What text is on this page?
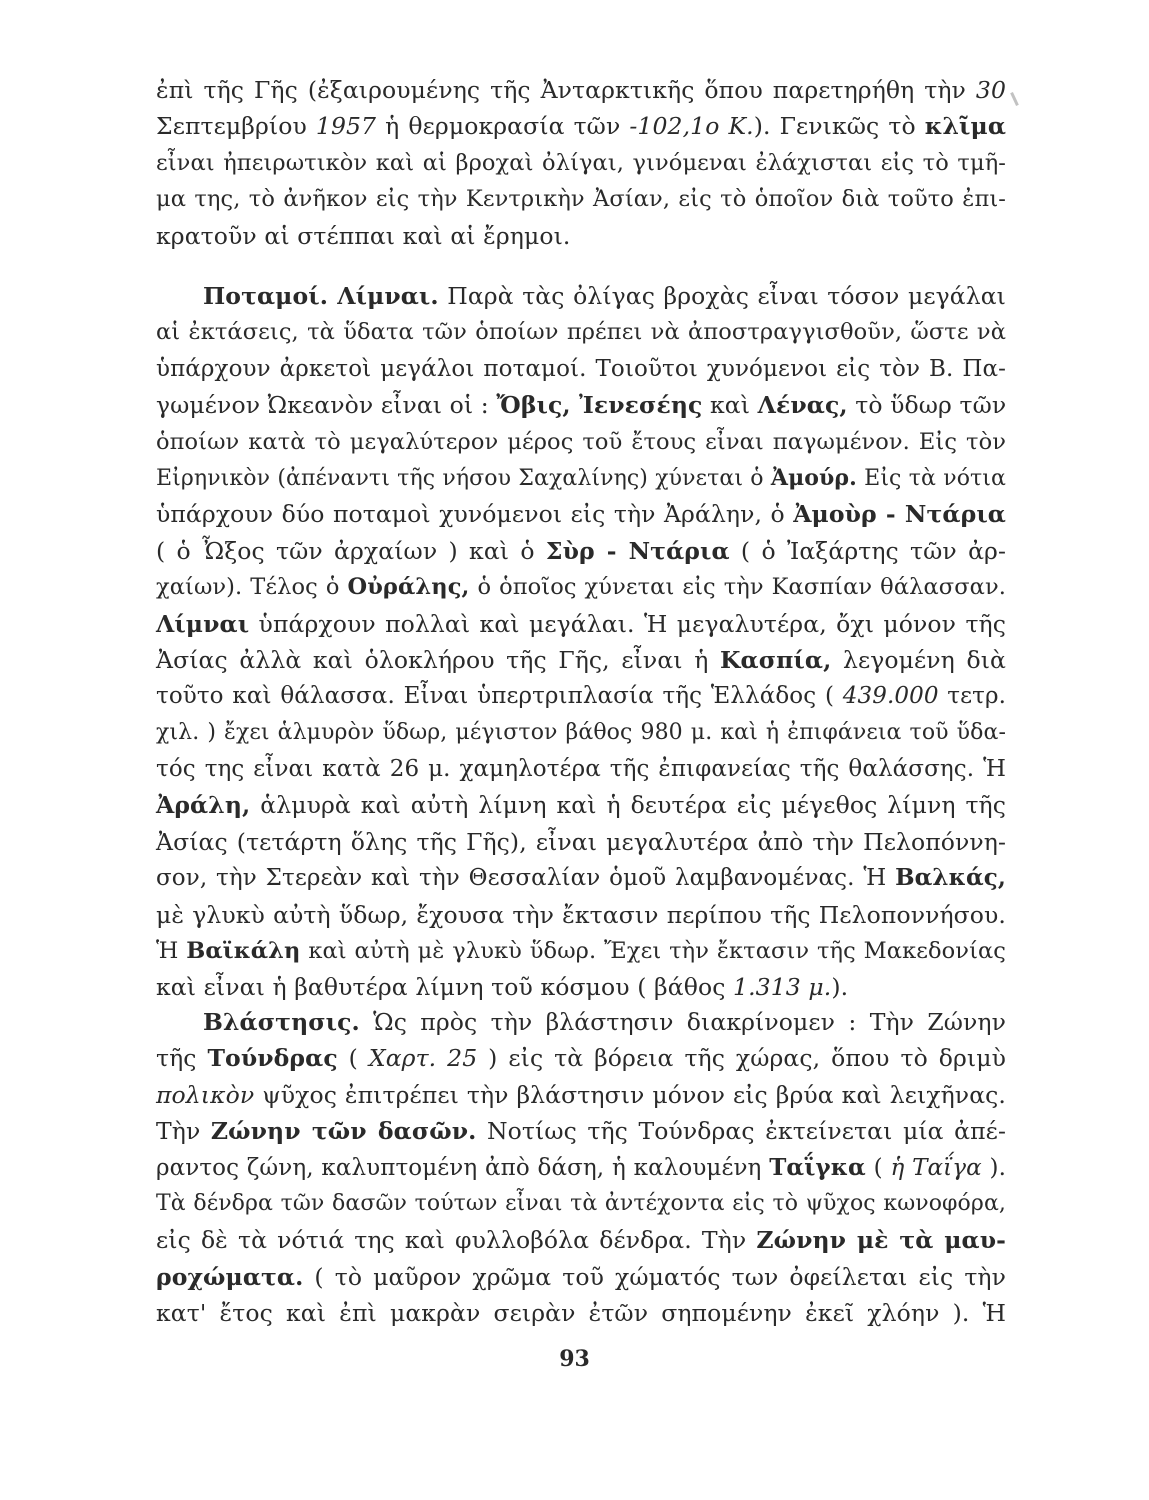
ἐπὶ τῆς Γῆς (ἐξαιρουμένης τῆς Ἀνταρκτικῆς ὅπου παρετηρήθη τὴν 30
Σεπτεμβρίου 1957 ἡ θερμοκρασία τῶν -102,1ο Κ.). Γενικῶς τὸ κλῖμα
εἶναι ἠπειρωτικὸν καὶ αἱ βροχαὶ ὀλίγαι, γινόμεναι ἐλάχισται εἰς τὸ τμῆ-
μα της, τὸ ἀνῆκον εἰς τὴν Κεντρικὴν Ἀσίαν, εἰς τὸ ὁποῖον διὰ τοῦτο ἐπι-
κρατοῦν αἱ στέππαι καὶ αἱ ἔρημοι.
Ποταμοί. Λίμναι. Παρὰ τὰς ὀλίγας βροχὰς εἶναι τόσον μεγάλαι
αἱ ἐκτάσεις, τὰ ὕδατα τῶν ὁποίων πρέπει νὰ ἀποστραγγισθοῦν, ὥστε νὰ
ὑπάρχουν ἀρκετοὶ μεγάλοι ποταμοί. Τοιοῦτοι χυνόμενοι εἰς τὸν Β. Πα-
γωμένον Ὠκεανὸν εἶναι οἱ : Ὄβις, Ἰενεσέης καὶ Λένας, τὸ ὕδωρ τῶν
ὁποίων κατὰ τὸ μεγαλύτερον μέρος τοῦ ἔτους εἶναι παγωμένον. Εἰς τὸν
Εἰρηνικὸν (ἀπέναντι τῆς νήσου Σαχαλίνης) χύνεται ὁ Ἀμούρ. Εἰς τὰ νότια
ὑπάρχουν δύο ποταμοὶ χυνόμενοι εἰς τὴν Ἀράλην, ὁ Ἀμοὺρ - Ντάρια
( ὁ Ὦξος τῶν ἀρχαίων ) καὶ ὁ Σὺρ - Ντάρια ( ὁ Ἰαξάρτης τῶν ἀρ-
χαίων). Τέλος ὁ Οὐράλης, ὁ ὁποῖος χύνεται εἰς τὴν Κασπίαν θάλασσαν.
Λίμναι ὑπάρχουν πολλαὶ καὶ μεγάλαι. Ἡ μεγαλυτέρα, ὄχι μόνον τῆς
Ἀσίας ἀλλὰ καὶ ὁλοκλήρου τῆς Γῆς, εἶναι ἡ Κασπία, λεγομένη διὰ
τοῦτο καὶ θάλασσα. Εἶναι ὑπερτριπλασία τῆς Ἑλλάδος ( 439.000 τετρ.
χιλ. ) ἔχει ἁλμυρὸν ὕδωρ, μέγιστον βάθος 980 μ. καὶ ἡ ἐπιφάνεια τοῦ ὕδα-
τός της εἶναι κατὰ 26 μ. χαμηλοτέρα τῆς ἐπιφανείας τῆς θαλάσσης. Ἡ
Ἀράλη, ἁλμυρὰ καὶ αὐτὴ λίμνη καὶ ἡ δευτέρα εἰς μέγεθος λίμνη τῆς
Ἀσίας (τετάρτη ὅλης τῆς Γῆς), εἶναι μεγαλυτέρα ἀπὸ τὴν Πελοπόννη-
σον, τὴν Στερεὰν καὶ τὴν Θεσσαλίαν ὁμοῦ λαμβανομένας. Ἡ Βαλκάς,
μὲ γλυκὺ αὐτὴ ὕδωρ, ἔχουσα τὴν ἔκτασιν περίπου τῆς Πελοποννήσου.
Ἡ Βαϊκάλη καὶ αὐτὴ μὲ γλυκὺ ὕδωρ. Ἔχει τὴν ἔκτασιν τῆς Μακεδονίας
καὶ εἶναι ἡ βαθυτέρα λίμνη τοῦ κόσμου ( βάθος 1.313 μ.).
Βλάστησις. Ὡς πρὸς τὴν βλάστησιν διακρίνομεν : Τὴν Ζώνην
τῆς Τούνδρας ( Χαρτ. 25 ) εἰς τὰ βόρεια τῆς χώρας, ὅπου τὸ δριμὺ
πολικὸν ψῦχος ἐπιτρέπει τὴν βλάστησιν μόνον εἰς βρύα καὶ λειχῆνας.
Τὴν Ζώνην τῶν δασῶν. Νοτίως τῆς Τούνδρας ἐκτείνεται μία ἀπέ-
ραντος ζώνη, καλυπτομένη ἀπὸ δάση, ἡ καλουμένη Ταΐγκα ( ἡ Ταΐγα ).
Τὰ δένδρα τῶν δασῶν τούτων εἶναι τὰ ἀντέχοντα εἰς τὸ ψῦχος κωνοφόρα,
εἰς δὲ τὰ νότιά της καὶ φυλλοβόλα δένδρα. Τὴν Ζώνην μὲ τὰ μαυ-
ροχώματα. ( τὸ μαῦρον χρῶμα τοῦ χώματός των ὀφείλεται εἰς τὴν
κατ' ἔτος καὶ ἐπὶ μακρὰν σειρὰν ἐτῶν σηπομένην ἐκεῖ χλόην ). Ἡ
93
